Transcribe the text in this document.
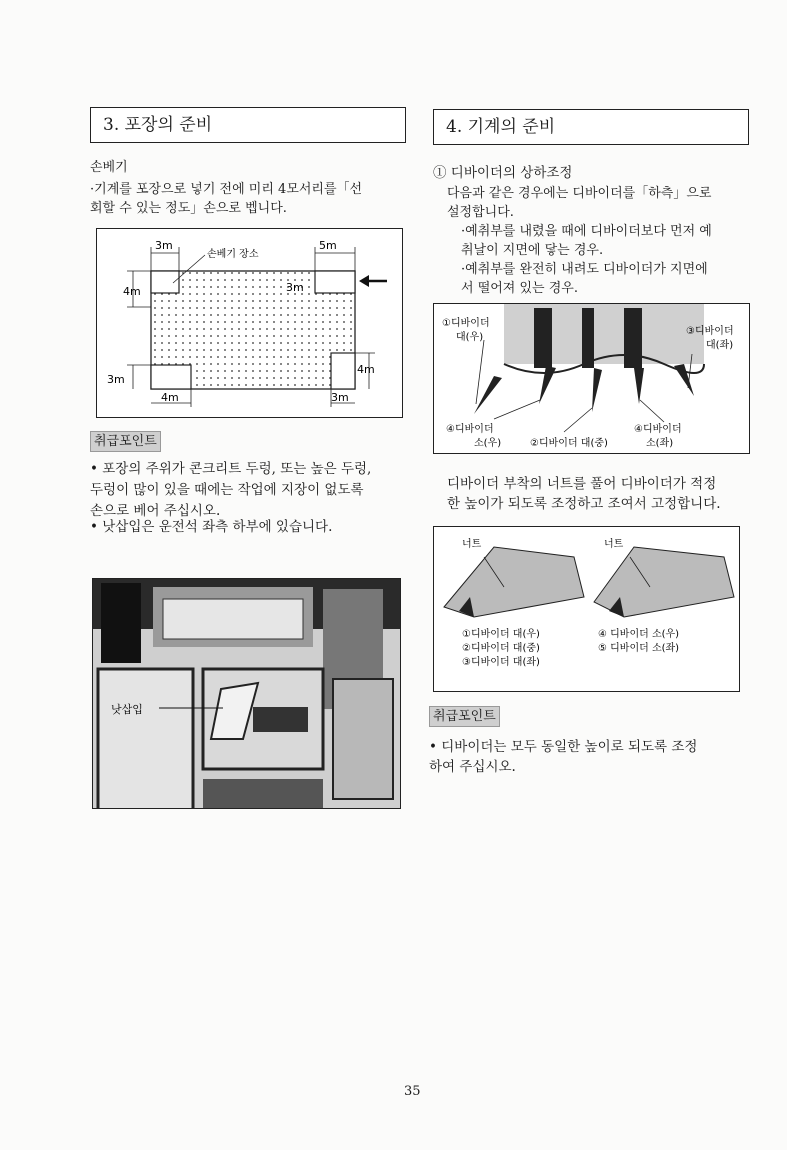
3. 포장의 준비
손베기
·기계를 포장으로 넣기 전에 미리 4모서리를「선
회할 수 있는 정도」손으로 벱니다.
3m
손베기 장소
5m
4m	3m
4m
3m
4m	3m
취급포인트
• 포장의 주위가 콘크리트 두렁, 또는 높은 두렁,
두렁이 많이 있을 때에는 작업에 지장이 없도록
손으로 베어 주십시오.
• 낫삽입은 운전석 좌측 하부에 있습니다.
낫삽입
4. 기계의 준비
① 디바이더의 상하조정
다음과 같은 경우에는 디바이더를「하측」으로
설정합니다.
·예취부를 내렸을 때에 디바이더보다 먼저 예
취날이 지면에 닿는 경우.
·예취부를 완전히 내려도 디바이더가 지면에
서 떨어져 있는 경우.
①디바이더
대(우)
③디바이더
대(좌)
④디바이더
소(우)	②디바이더 대(중)
④디바이더
소(좌)
디바이더 부착의 너트를 풀어 디바이더가 적정
한 높이가 되도록 조정하고 조여서 고정합니다.
너트	너트
①디바이더 대(우)
②디바이더 대(중)
③디바이더 대(좌)
④ 디바이더 소(우)
⑤ 디바이더 소(좌)
취급포인트
• 디바이더는 모두 동일한 높이로 되도록 조정
하여 주십시오.
35
